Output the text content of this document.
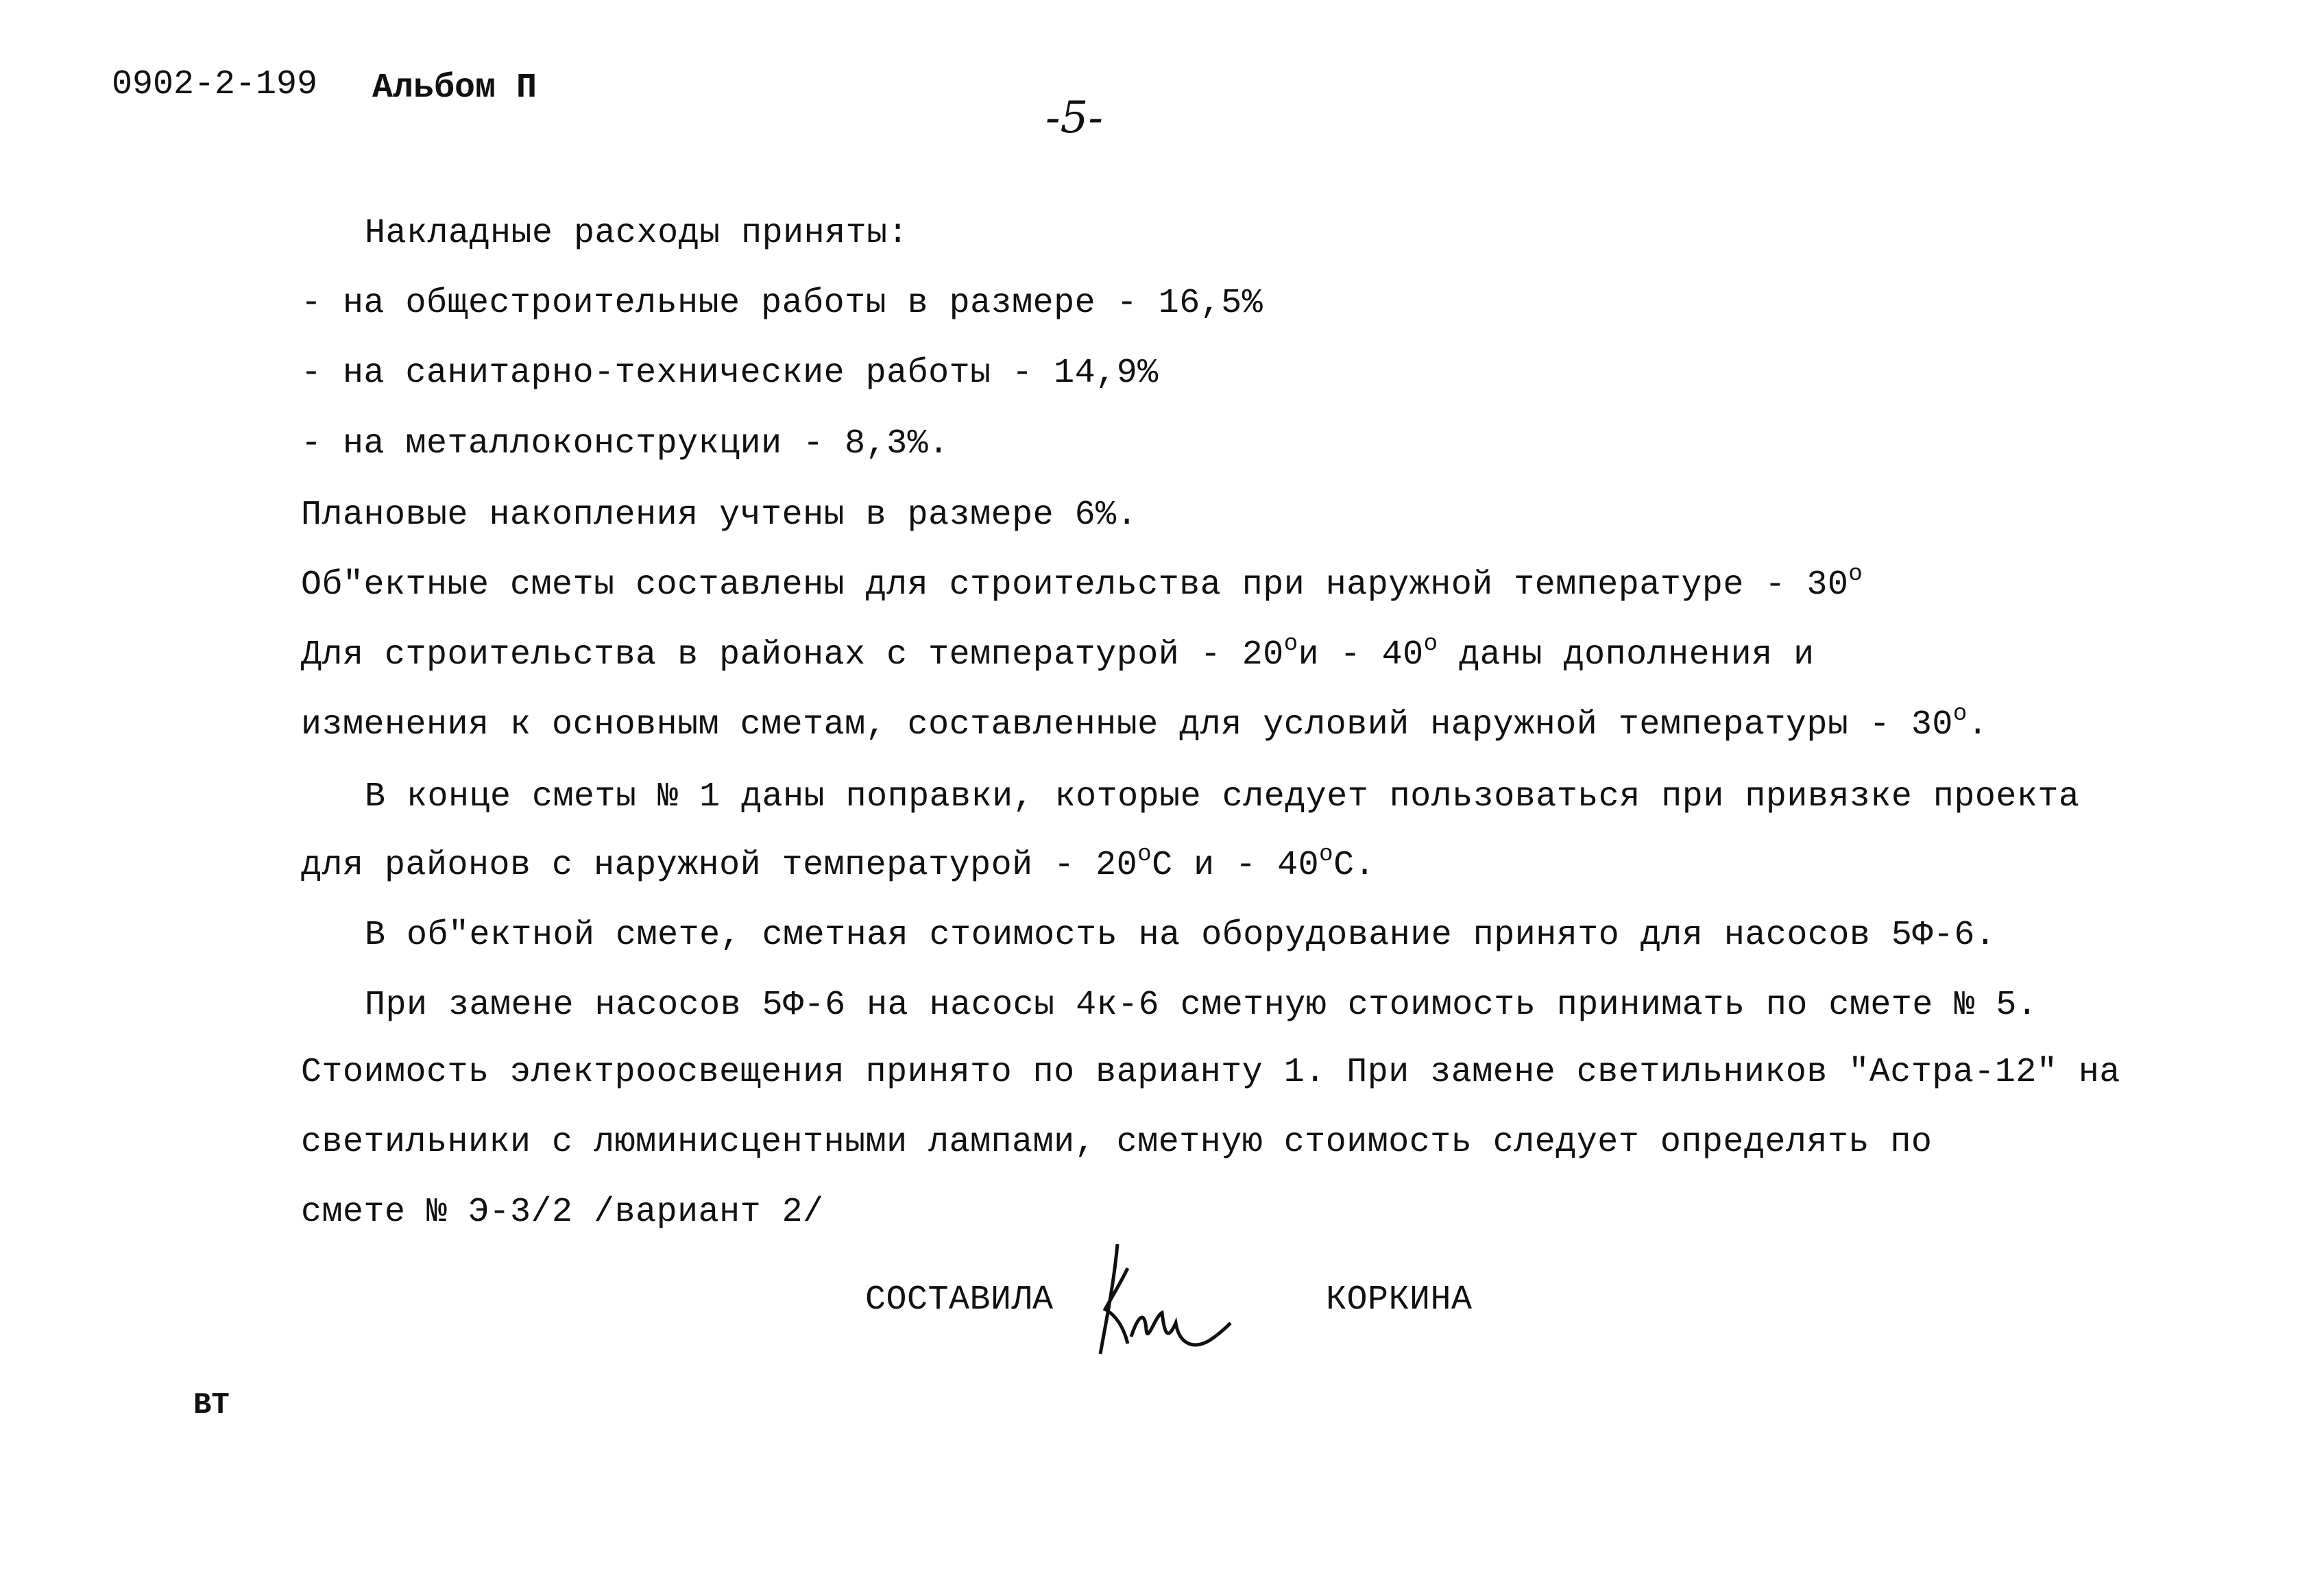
0902-2-199 Альбом П
-5-
Накладные расходы приняты:
- на общестроительные работы в размере - 16,5%
- на санитарно-технические работы - 14,9%
- на металлоконструкции - 8,3%.
Плановые накопления учтены в размере 6%.
Об"ектные сметы составлены для строительства при наружной температуре - 30$^o$
Для строительства в районах с температурой - 20$^o$и - 40$^o$ даны дополнения и
изменения к основным сметам, составленные для условий наружной температуры - 30$^o$.
В конце сметы № 1 даны поправки, которые следует пользоваться при привязке проекта
для районов с наружной температурой - 20$^o$С и - 40$^o$С.
В об"ектной смете, сметная стоимость на оборудование принято для насосов 5Ф-6.
При замене насосов 5Ф-6 на насосы 4к-6 сметную стоимость принимать по смете № 5.
Стоимость электроосвещения принято по варианту 1. При замене светильников "Астра-12" на
светильники с люминисцентными лампами, сметную стоимость следует определять по
смете № Э-3/2 /вариант 2/
СОСТАВИЛА	КОРКИНА
ВТ
